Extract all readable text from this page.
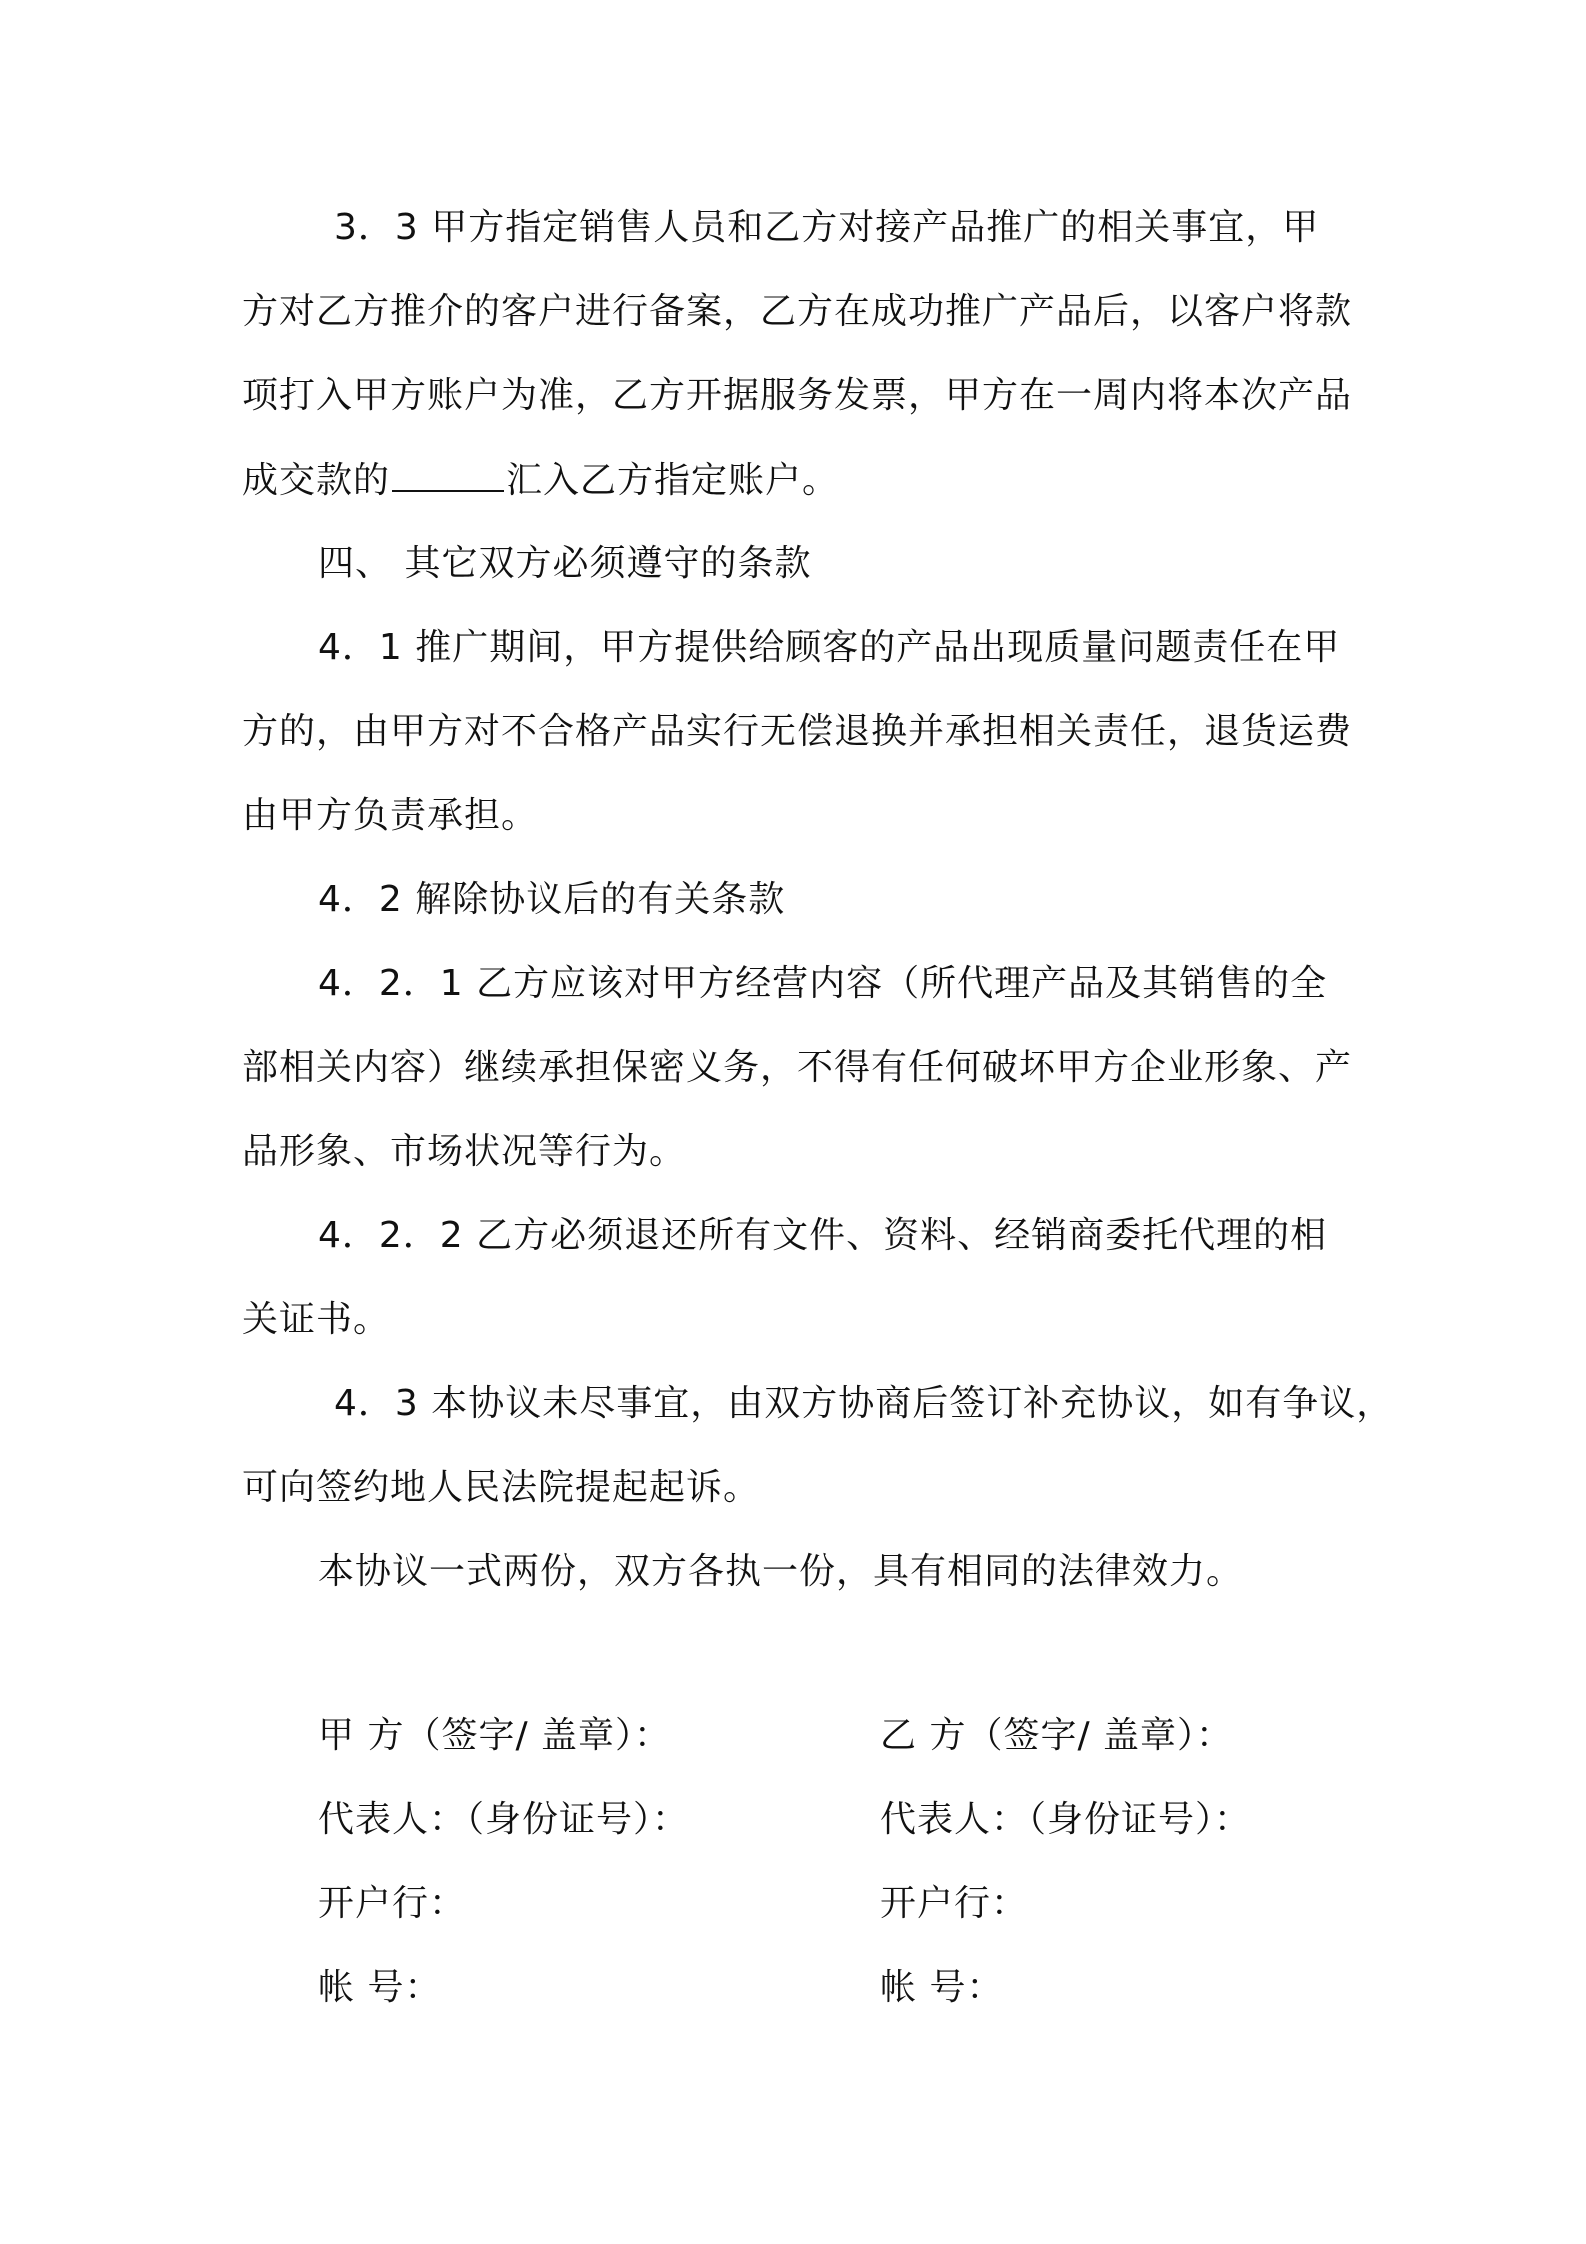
3．3 甲方指定销售人员和乙方对接产品推广的相关事宜，甲
方对乙方推介的客户进行备案，乙方在成功推广产品后，以客户将款
项打入甲方账户为准，乙方开据服务发票，甲方在一周内将本次产品
成交款的	汇入乙方指定账户。
四、 其它双方必须遵守的条款
4．1 推广期间，甲方提供给顾客的产品出现质量问题责任在甲
方的，由甲方对不合格产品实行无偿退换并承担相关责任，退货运费
由甲方负责承担。
4．2 解除协议后的有关条款
4．2．1 乙方应该对甲方经营内容（所代理产品及其销售的全
部相关内容）继续承担保密义务，不得有任何破坏甲方企业形象、产
品形象、市场状况等行为。
4．2．2 乙方必须退还所有文件、资料、经销商委托代理的相
关证书。
4．3 本协议未尽事宜，由双方协商后签订补充协议，如有争议，
可向签约地人民法院提起起诉。
本协议一式两份，双方各执一份，具有相同的法律效力。
甲 方（签字/ 盖章）：
代表人：（身份证号）：
开户行：
帐 号：
乙 方（签字/ 盖章）：
代表人：（身份证号）：
开户行：
帐 号：
